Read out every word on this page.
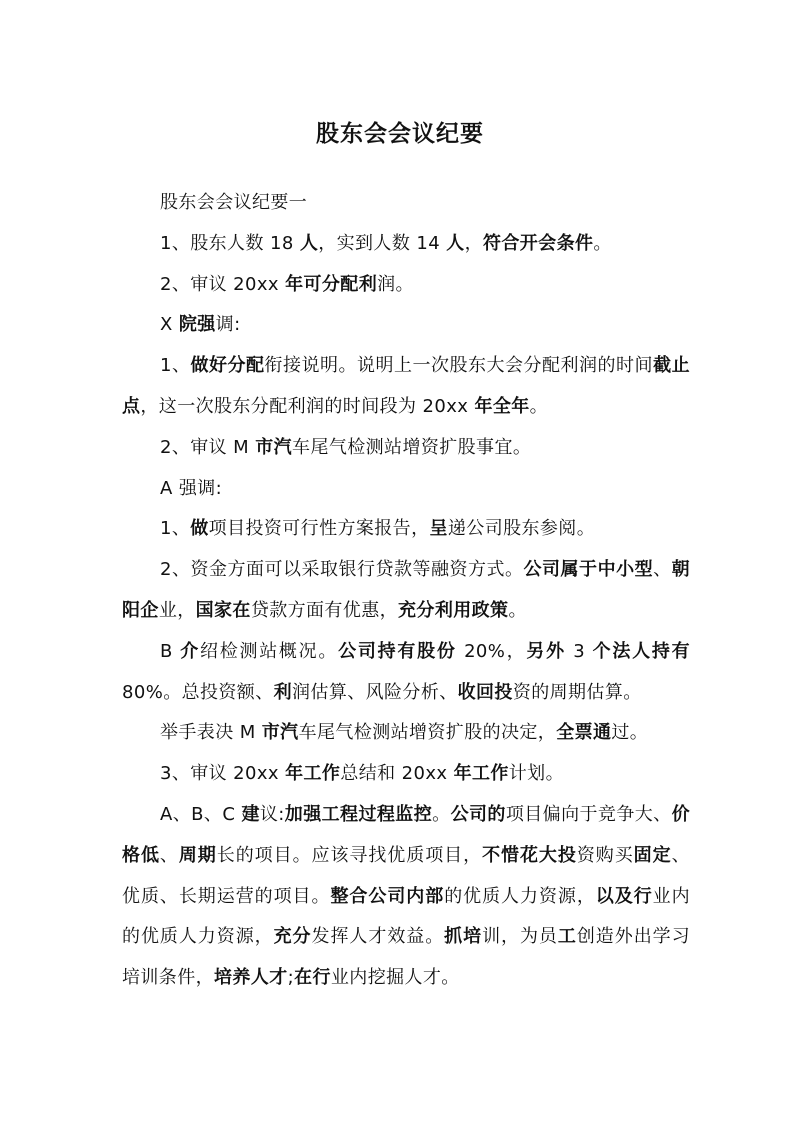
股东会会议纪要

股东会会议纪要一

1、股东人数 18 人，实到人数 14 人，符合开会条件。

2、审议 20xx 年可分配利润。

X 院强调:

1、做好分配衔接说明。说明上一次股东大会分配利润的时间截止点，这一次股东分配利润的时间段为 20xx 年全年。

2、审议 M 市汽车尾气检测站增资扩股事宜。

A 强调:

1、做项目投资可行性方案报告，呈递公司股东参阅。

2、资金方面可以采取银行贷款等融资方式。公司属于中小型、朝阳企业，国家在贷款方面有优惠，充分利用政策。

B 介绍检测站概况。公司持有股份 20%，另外 3 个法人持有 80%。总投资额、利润估算、风险分析、收回投资的周期估算。

举手表决 M 市汽车尾气检测站增资扩股的决定，全票通过。

3、审议 20xx 年工作总结和 20xx 年工作计划。

A、B、C 建议:加强工程过程监控。公司的项目偏向于竞争大、价格低、周期长的项目。应该寻找优质项目，不惜花大投资购买固定、优质、长期运营的项目。整合公司内部的优质人力资源，以及行业内的优质人力资源，充分发挥人才效益。抓培训，为员工创造外出学习培训条件，培养人才;在行业内挖掘人才。
